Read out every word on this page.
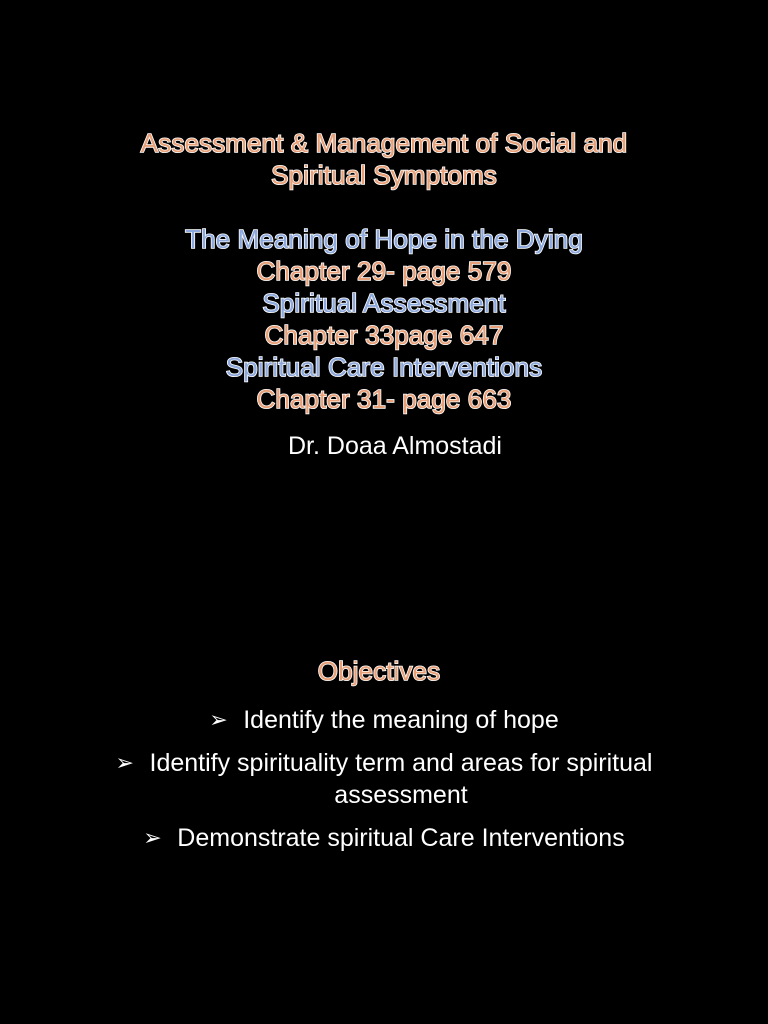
Assessment & Management of Social and
Spiritual Symptoms
The Meaning of Hope in the Dying
Chapter 29- page 579
Spiritual Assessment
Chapter 33page 647
Spiritual Care Interventions
Chapter 31- page 663
Dr. Doaa Almostadi
Objectives
➢ Identify the meaning of hope
➢ Identify spirituality term and areas for spiritual
assessment
➢ Demonstrate spiritual Care Interventions
